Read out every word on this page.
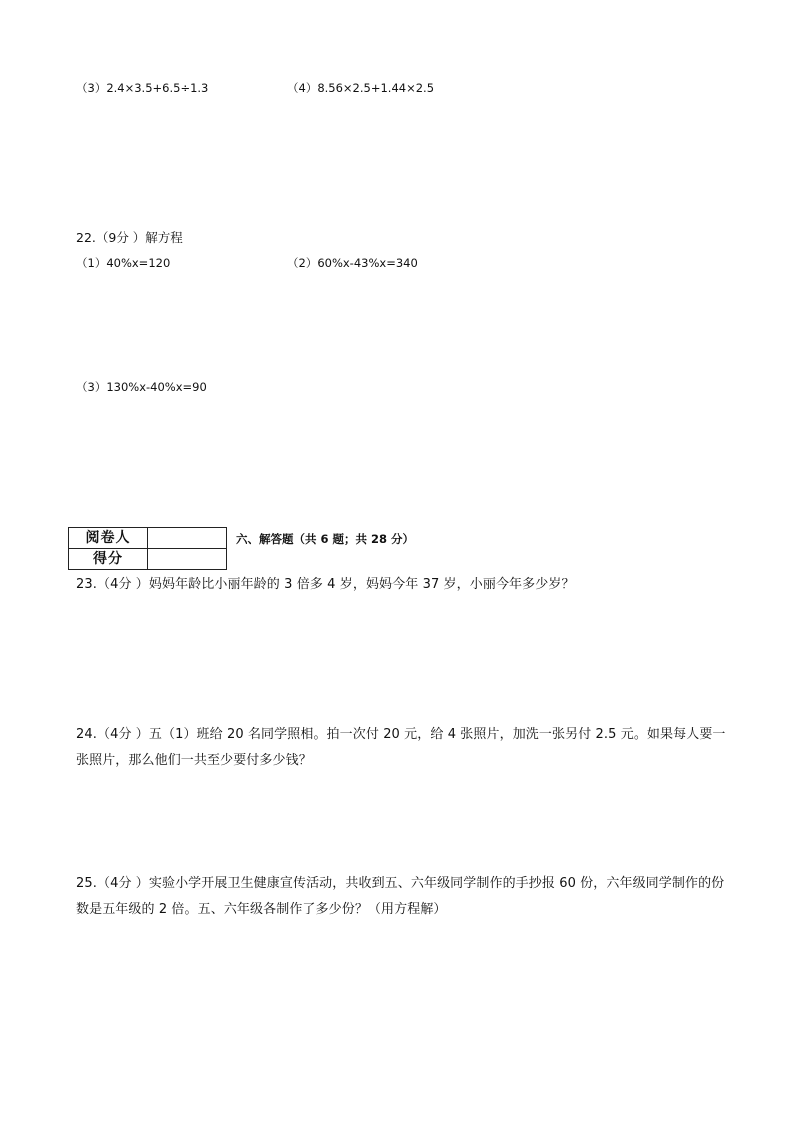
（3）2.4×3.5+6.5÷1.3	（4）8.56×2.5+1.44×2.5
22.（9分 ）解方程
（1）40%x=120	（2）60%x-43%x=340
（3）130%x-40%x=90
阅卷人	
得分	
六、解答题（共 6 题；共 28 分）
23.（4分 ）妈妈年龄比小丽年龄的 3 倍多 4 岁，妈妈今年 37 岁，小丽今年多少岁？
24.（4分 ）五（1）班给 20 名同学照相。拍一次付 20 元，给 4 张照片，加洗一张另付 2.5 元。如果每人要一张照片，那么他们一共至少要付多少钱？
25.（4分 ）实验小学开展卫生健康宣传活动，共收到五、六年级同学制作的手抄报 60 份，六年级同学制作的份数是五年级的 2 倍。五、六年级各制作了多少份？（用方程解）
